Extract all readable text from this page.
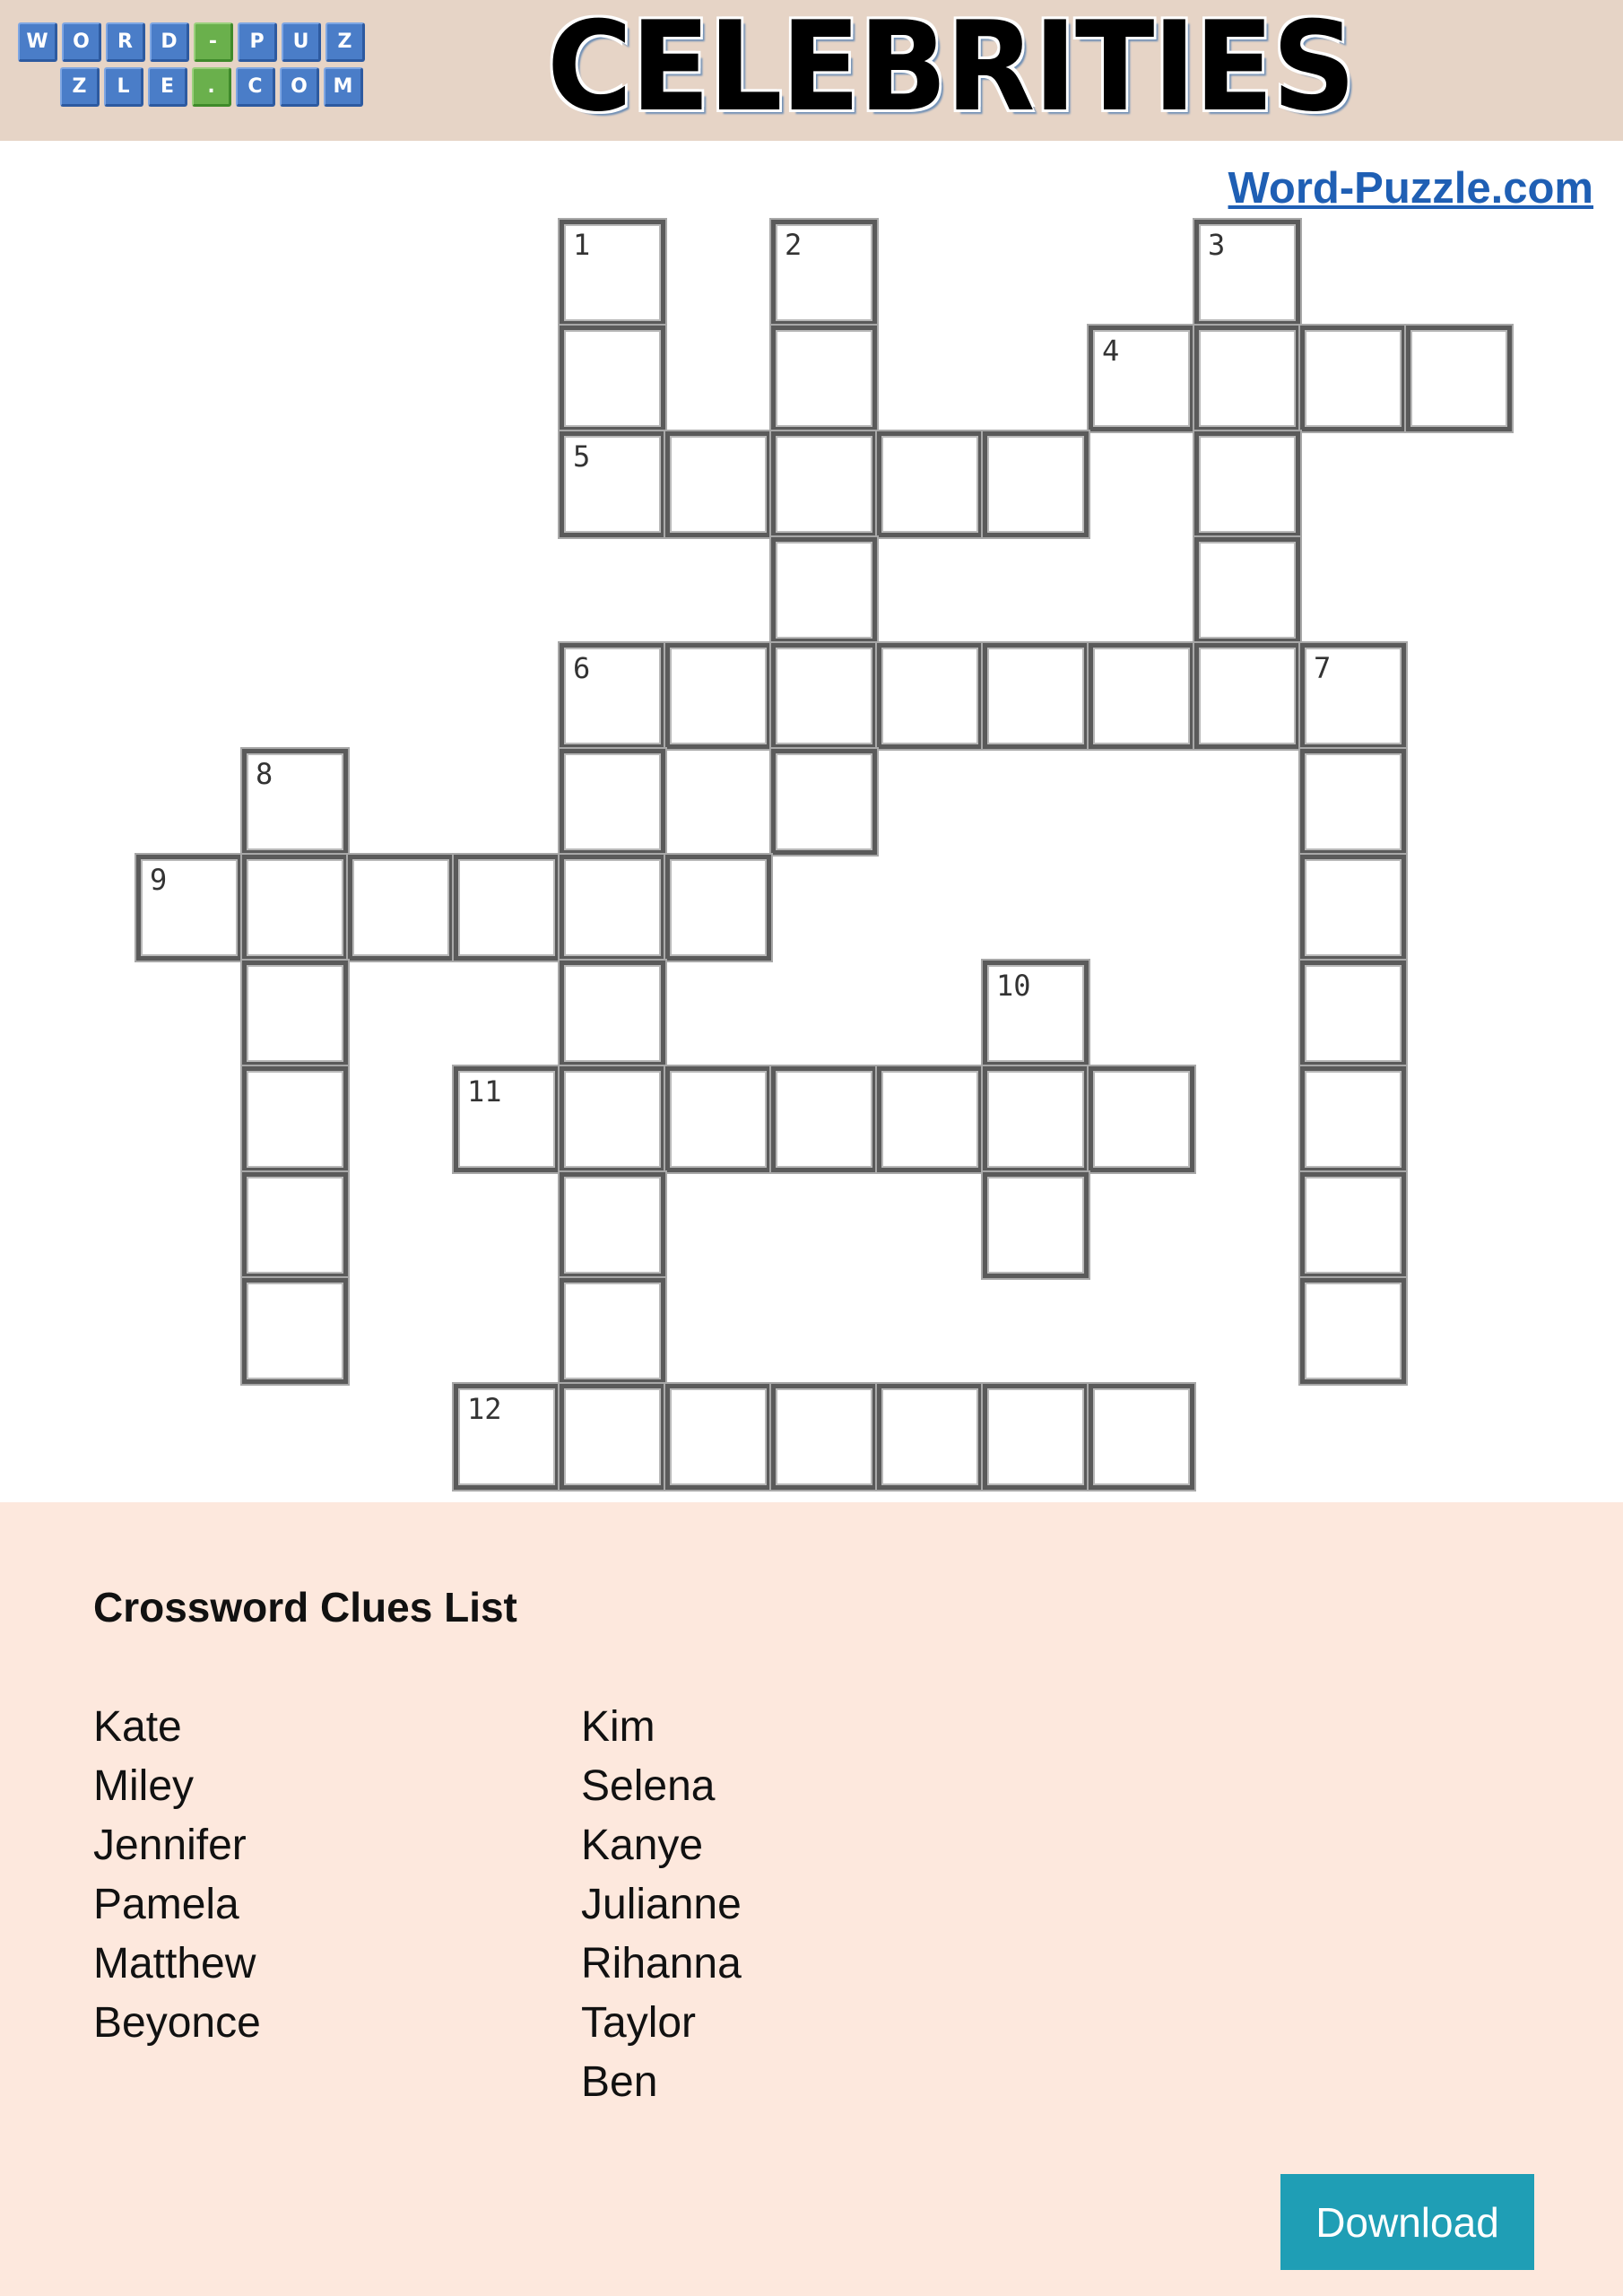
W	O	R	D	-	P	U	Z
Z	L	E	.	C	O	M CELEBRITIES
Word-Puzzle.com
1	2	3
4
5
6	7
8
9
10
11
12
Crossword Clues List
Kate
Miley
Jennifer
Pamela
Matthew
Beyonce
Kim
Selena
Kanye
Julianne
Rihanna
Taylor
Ben
Download
